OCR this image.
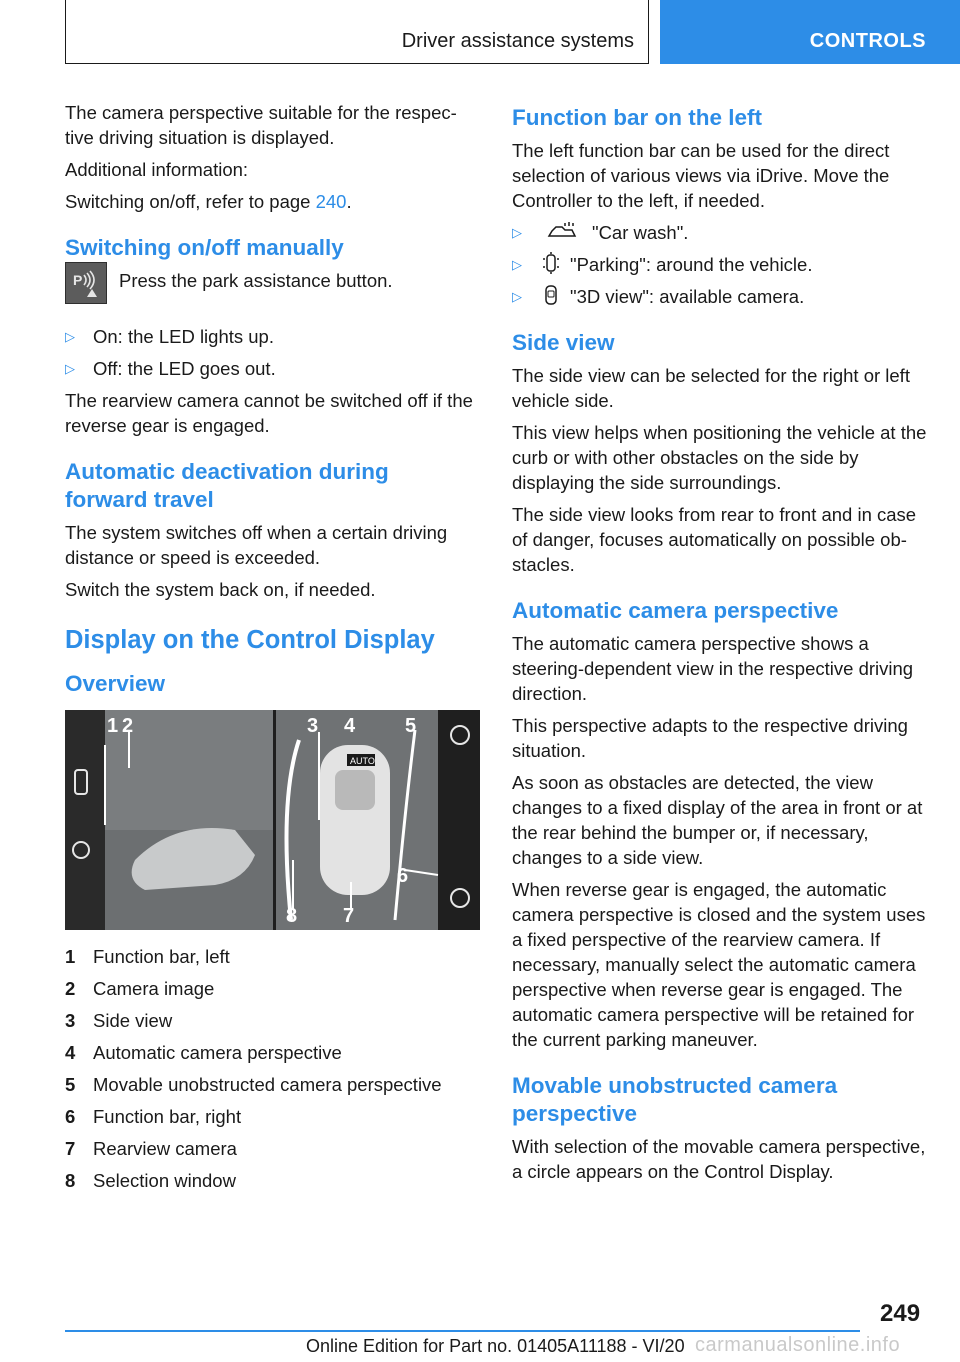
Driver assistance systems	CONTROLS

The camera perspective suitable for the respective driving situation is displayed.

Additional information:

Switching on/off, refer to page 240.

Switching on/off manually
P Press the park assistance button.

▷ On: the LED lights up.
▷ Off: the LED goes out.

The rearview camera cannot be switched off if the reverse gear is engaged.

Automatic deactivation during forward travel

The system switches off when a certain driving distance or speed is exceeded.

Switch the system back on, if needed.

Display on the Control Display
Overview
AUTO
1 2	3 4 5
6
7
8
1 Function bar, left
2 Camera image
3 Side view
4 Automatic camera perspective
5 Movable unobstructed camera perspective
6 Function bar, right
7 Rearview camera
8 Selection window
Function bar on the left

The left function bar can be used for the direct selection of various views via iDrive. Move the Controller to the left, if needed.

▷	"Car wash".
▷	"Parking": around the vehicle.
▷	"3D view": available camera.
Side view

The side view can be selected for the right or left vehicle side.

This view helps when positioning the vehicle at the curb or with other obstacles on the side by displaying the side surroundings.

The side view looks from rear to front and in case of danger, focuses automatically on possible obstacles.

Automatic camera perspective

The automatic camera perspective shows a steering-dependent view in the respective driving direction.

This perspective adapts to the respective driving situation.

As soon as obstacles are detected, the view changes to a fixed display of the area in front or at the rear behind the bumper or, if necessary, changes to a side view.

When reverse gear is engaged, the automatic camera perspective is closed and the system uses a fixed perspective of the rearview camera. If necessary, manually select the automatic camera perspective when reverse gear is engaged. The automatic camera perspective will be retained for the current parking maneuver.

Movable unobstructed camera perspective

With selection of the movable camera perspective, a circle appears on the Control Display.

249
Online Edition for Part no. 01405A11188 - VI/20 carmanualsonline.info
